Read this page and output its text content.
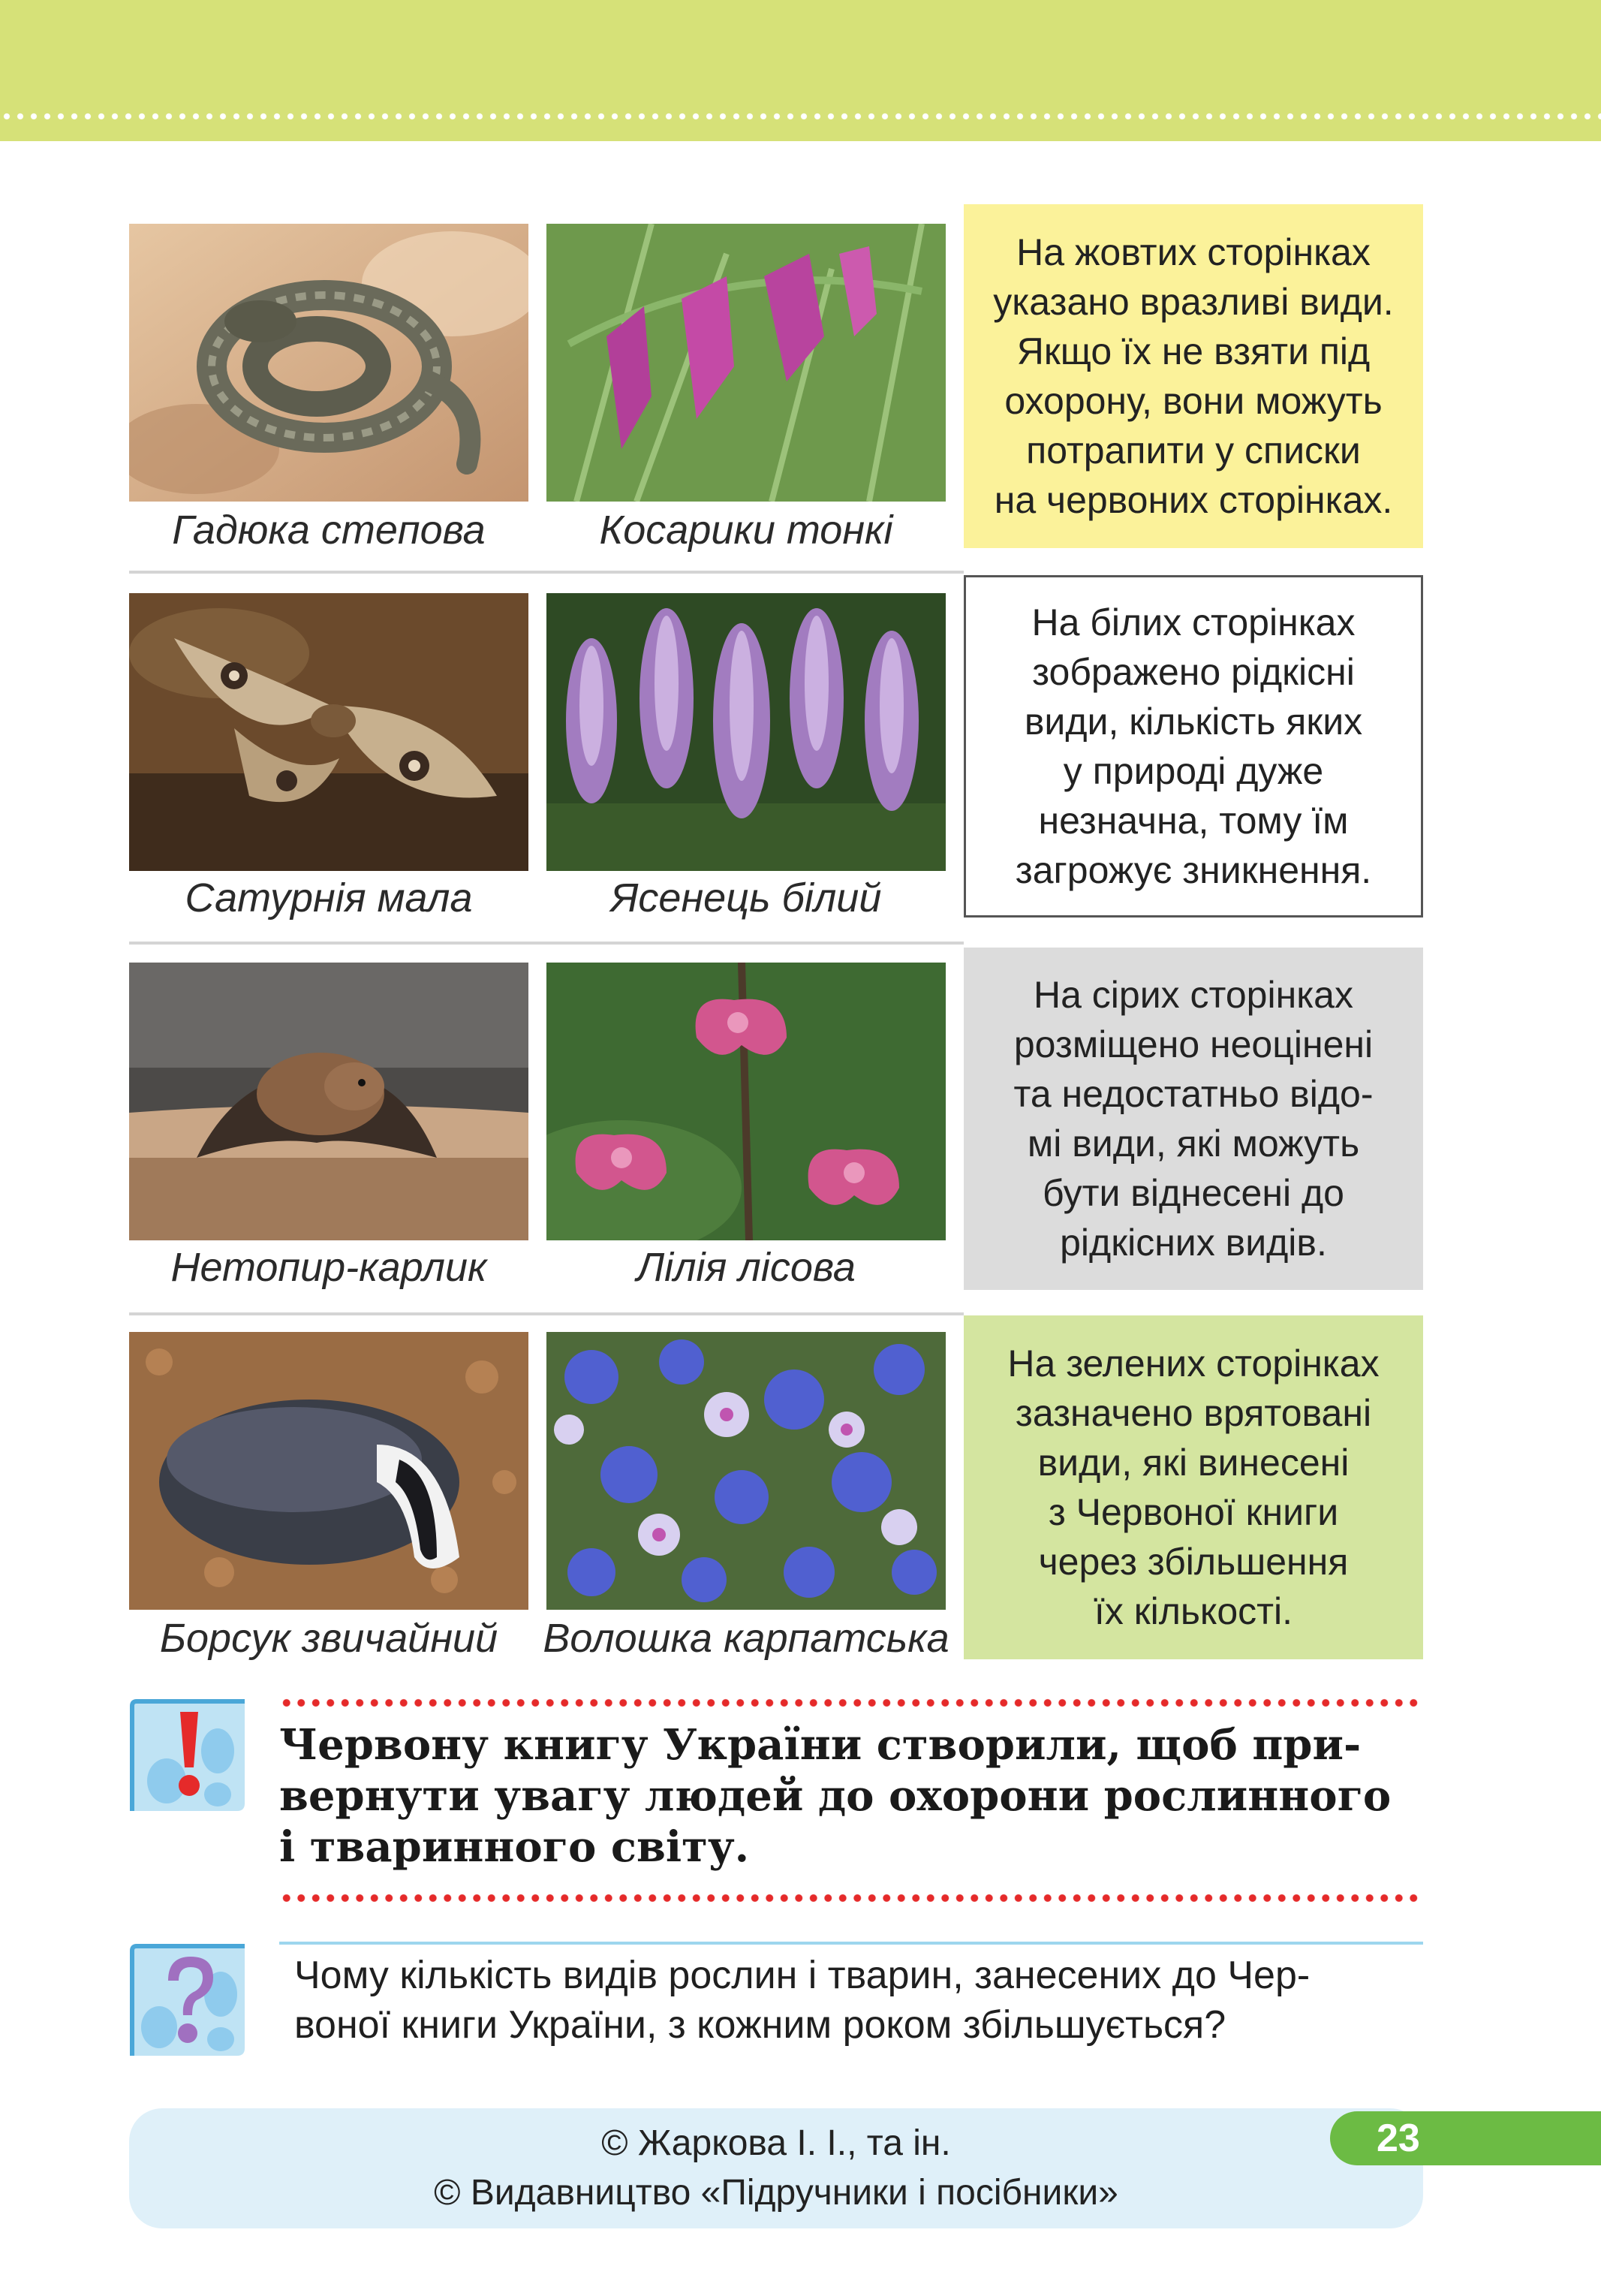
Гадюка степова	Косарики тонкі
На жовтих сторінках
указано вразливі види.
Якщо їх не взяти під
охорону, вони можуть
потрапити у списки
на червоних сторінках.
Сатурнія мала	Ясенець білий
На білих сторінках
зображено рідкісні
види, кількість яких
у природі дуже
незначна, тому їм
загрожує зникнення.
Нетопир-карлик	Лілія лісова
На сірих сторінках
розміщено неоцінені
та недостатньо відо-
мі види, які можуть
бути віднесені до
рідкісних видів.
Борсук звичайний	Волошка карпатська
На зелених сторінках
зазначено врятовані
види, які винесені
з Червоної книги
через збільшення
їх кількості.
Червону книгу України створили, щоб при-
вернути увагу людей до охорони рослинного
і тваринного світу.
Чому кількість видів рослин і тварин, занесених до Чер-
воної книги України, з кожним роком збільшується?
© Жаркова І. І., та ін.
© Видавництво «Підручники і посібники»
23
